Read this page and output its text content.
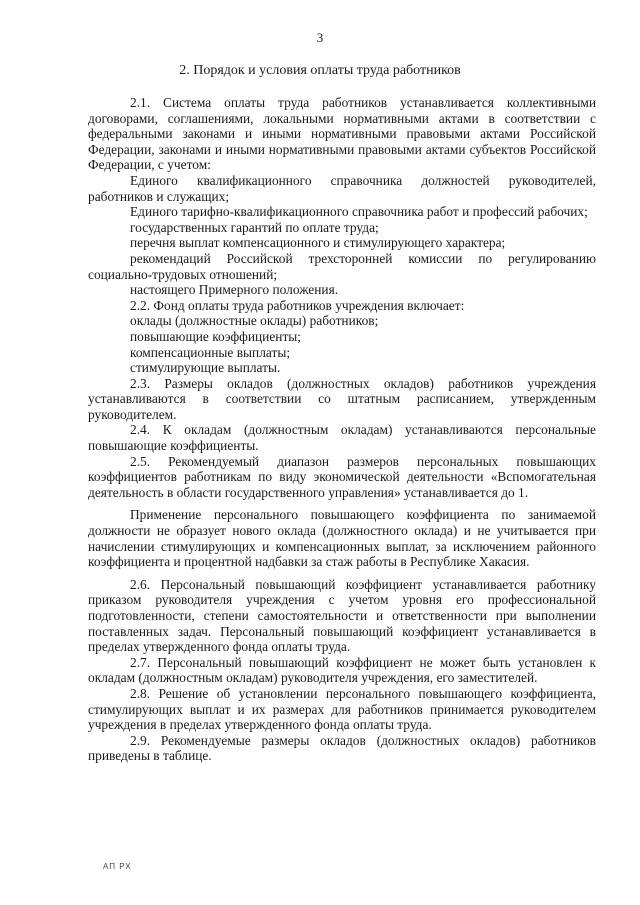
3
2. Порядок и условия оплаты труда работников

2.1. Система оплаты труда работников устанавливается коллективными договорами, соглашениями, локальными нормативными актами в соответствии с федеральными законами и иными нормативными правовыми актами Российской Федерации, законами и иными нормативными правовыми актами субъектов Российской Федерации, с учетом:

Единого квалификационного справочника должностей руководителей, работников и служащих;

Единого тарифно-квалификационного справочника работ и профессий рабочих;

государственных гарантий по оплате труда;

перечня выплат компенсационного и стимулирующего характера;

рекомендаций Российской трехсторонней комиссии по регулированию социально-трудовых отношений;

настоящего Примерного положения.

2.2. Фонд оплаты труда работников учреждения включает:

оклады (должностные оклады) работников;

повышающие коэффициенты;

компенсационные выплаты;

стимулирующие выплаты.

2.3. Размеры окладов (должностных окладов) работников учреждения устанавливаются в соответствии со штатным расписанием, утвержденным руководителем.

2.4. К окладам (должностным окладам) устанавливаются персональные повышающие коэффициенты.

2.5. Рекомендуемый диапазон размеров персональных повышающих коэффициентов работникам по виду экономической деятельности «Вспомогательная деятельность в области государственного управления» устанавливается до 1.

Применение персонального повышающего коэффициента по занимаемой должности не образует нового оклада (должностного оклада) и не учитывается при начислении стимулирующих и компенсационных выплат, за исключением районного коэффициента и процентной надбавки за стаж работы в Республике Хакасия.

2.6. Персональный повышающий коэффициент устанавливается работнику приказом руководителя учреждения с учетом уровня его профессиональной подготовленности, степени самостоятельности и ответственности при выполнении поставленных задач. Персональный повышающий коэффициент устанавливается в пределах утвержденного фонда оплаты труда.

2.7. Персональный повышающий коэффициент не может быть установлен к окладам (должностным окладам) руководителя учреждения, его заместителей.

2.8. Решение об установлении персонального повышающего коэффициента, стимулирующих выплат и их размерах для работников принимается руководителем учреждения в пределах утвержденного фонда оплаты труда.

2.9. Рекомендуемые размеры окладов (должностных окладов) работников приведены в таблице.

АП РХ
